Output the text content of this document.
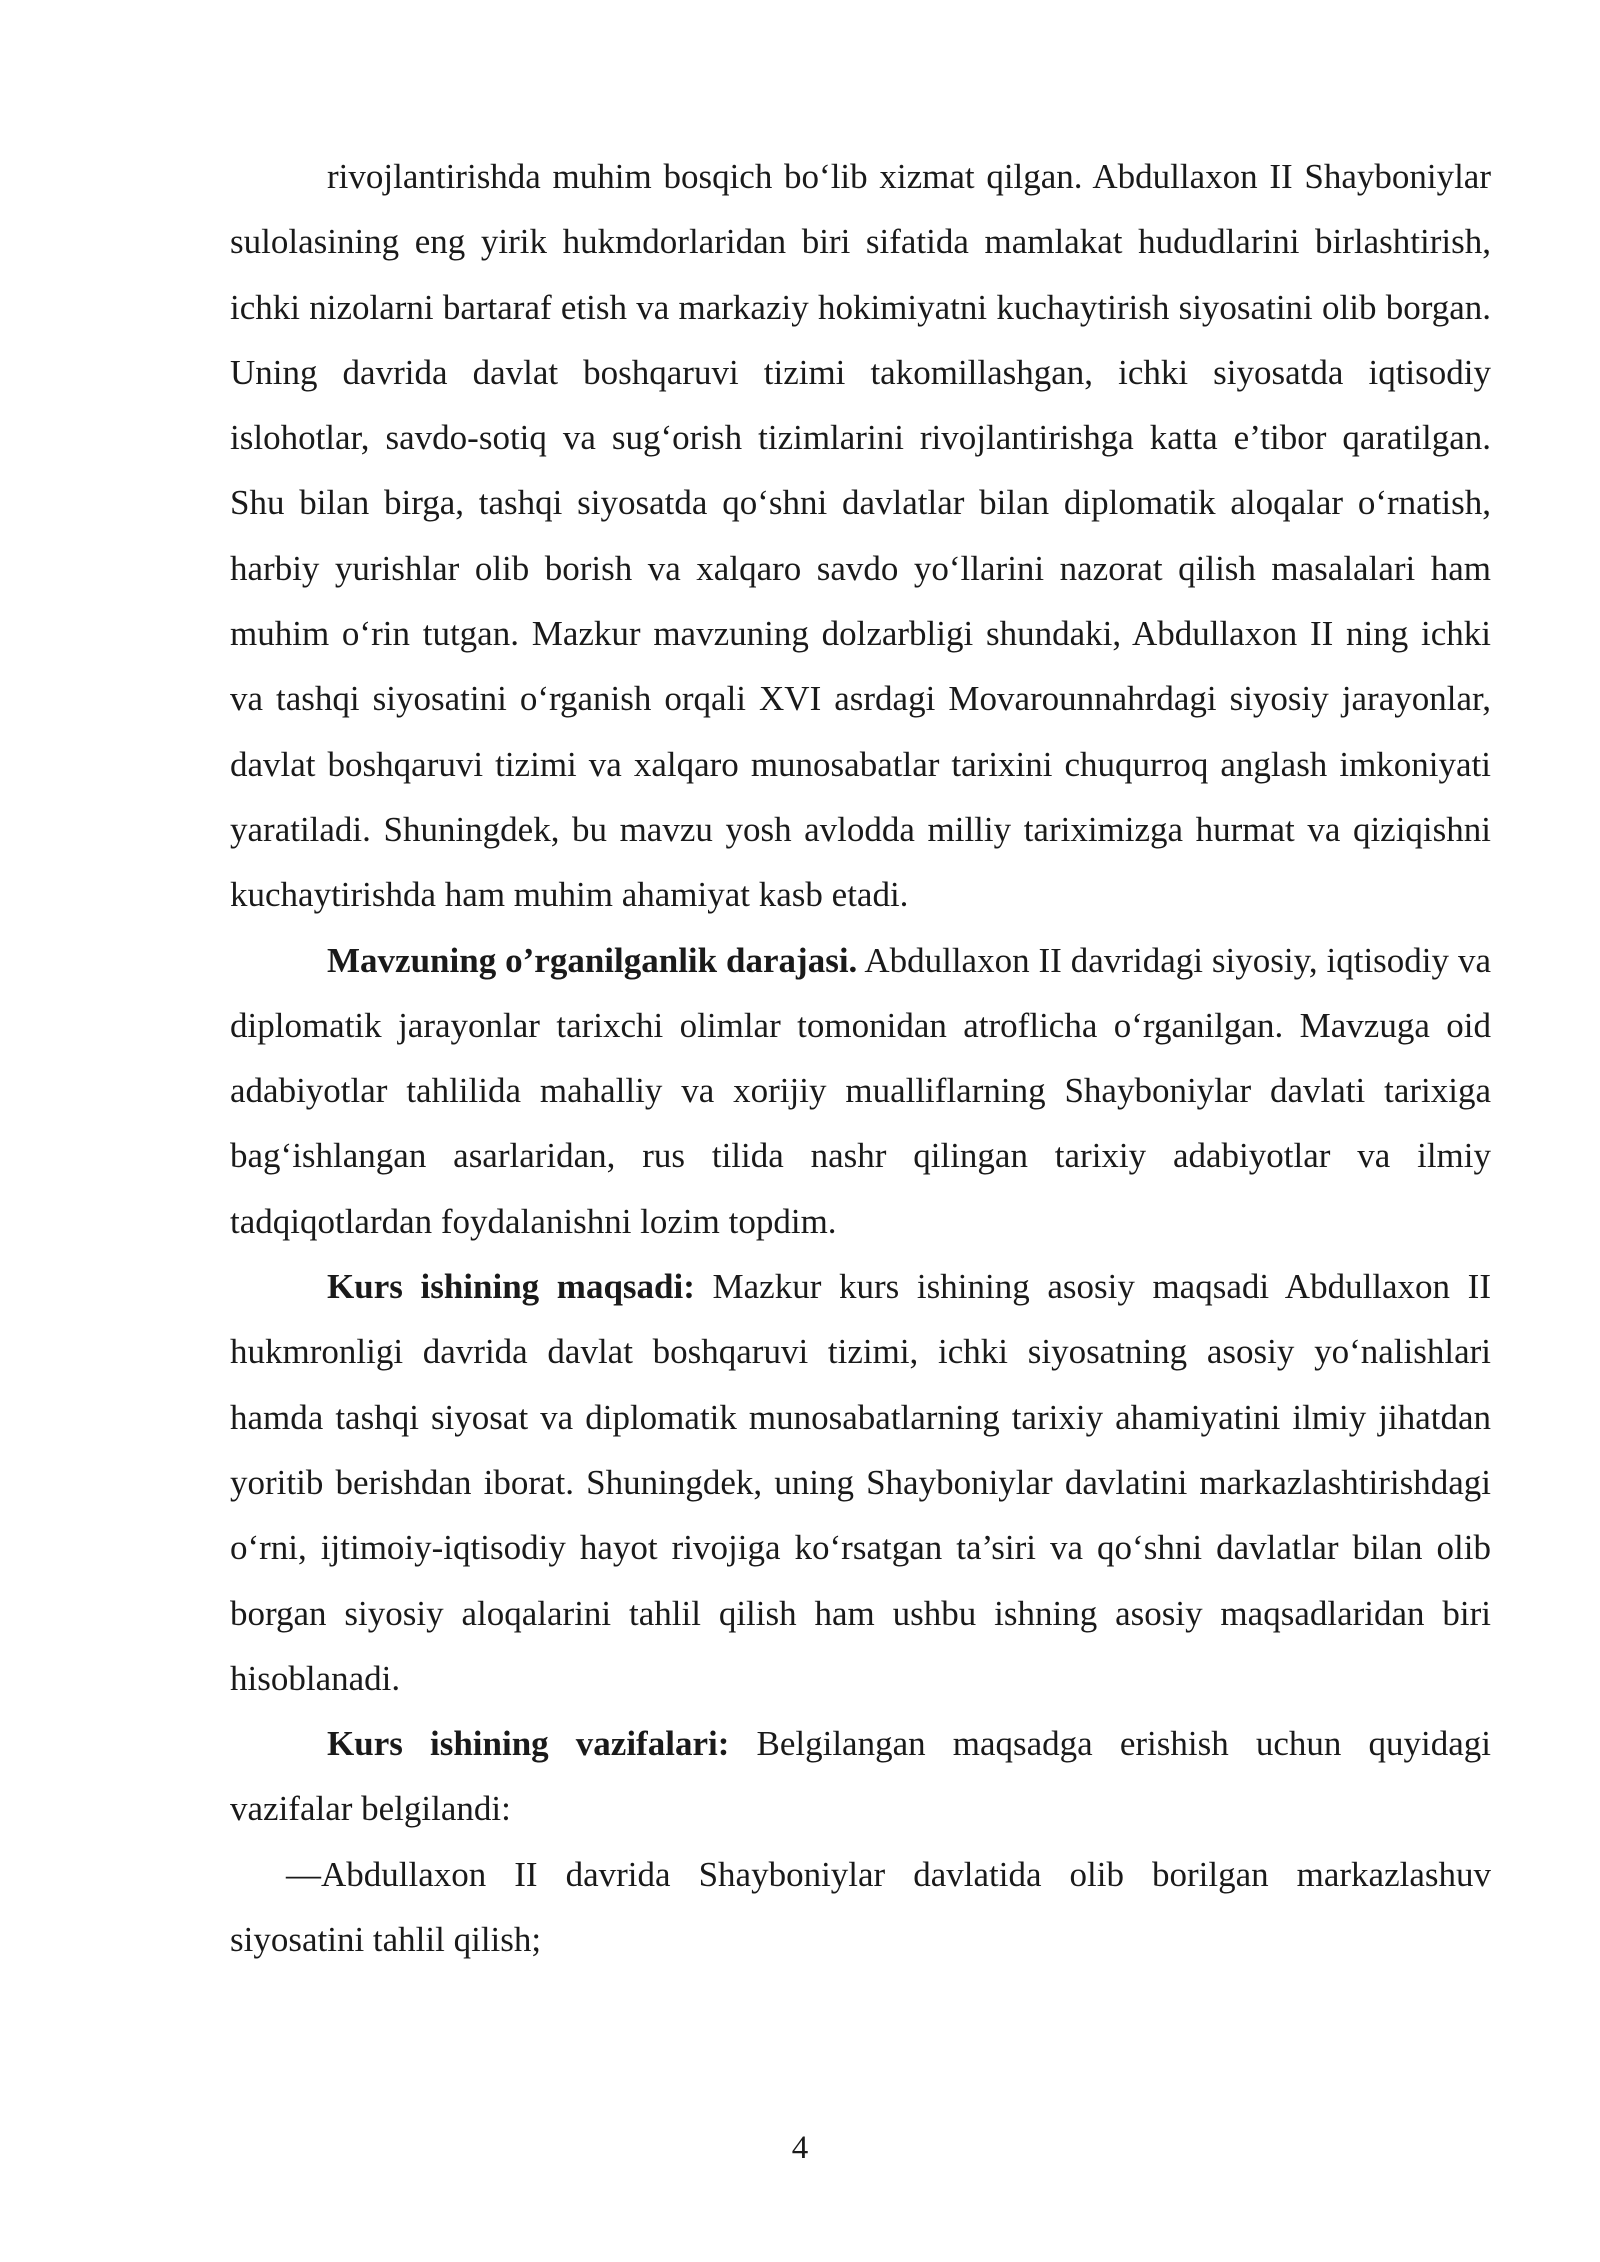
rivojlantirishda muhim bosqich bo‘lib xizmat qilgan. Abdullaxon II Shayboniylar sulolasining eng yirik hukmdorlaridan biri sifatida mamlakat hududlarini birlashtirish, ichki nizolarni bartaraf etish va markaziy hokimiyatni kuchaytirish siyosatini olib borgan. Uning davrida davlat boshqaruvi tizimi takomillashgan, ichki siyosatda iqtisodiy islohotlar, savdo-sotiq va sug‘orish tizimlarini rivojlantirishga katta e’tibor qaratilgan. Shu bilan birga, tashqi siyosatda qo‘shni davlatlar bilan diplomatik aloqalar o‘rnatish, harbiy yurishlar olib borish va xalqaro savdo yo‘llarini nazorat qilish masalalari ham muhim o‘rin tutgan. Mazkur mavzuning dolzarbligi shundaki, Abdullaxon II ning ichki va tashqi siyosatini o‘rganish orqali XVI asrdagi Movarounnahrdagi siyosiy jarayonlar, davlat boshqaruvi tizimi va xalqaro munosabatlar tarixini chuqurroq anglash imkoniyati yaratiladi. Shuningdek, bu mavzu yosh avlodda milliy tariximizga hurmat va qiziqishni kuchaytirishda ham muhim ahamiyat kasb etadi.

Mavzuning o’rganilganlik darajasi. Abdullaxon II davridagi siyosiy, iqtisodiy va diplomatik jarayonlar tarixchi olimlar tomonidan atroflicha o‘rganilgan. Mavzuga oid adabiyotlar tahlilida mahalliy va xorijiy mualliflarning Shayboniylar davlati tarixiga bag‘ishlangan asarlaridan, rus tilida nashr qilingan tarixiy adabiyotlar va ilmiy tadqiqotlardan foydalanishni lozim topdim.

Kurs ishining maqsadi: Mazkur kurs ishining asosiy maqsadi Abdullaxon II hukmronligi davrida davlat boshqaruvi tizimi, ichki siyosatning asosiy yo‘nalishlari hamda tashqi siyosat va diplomatik munosabatlarning tarixiy ahamiyatini ilmiy jihatdan yoritib berishdan iborat. Shuningdek, uning Shayboniylar davlatini markazlashtirishdagi o‘rni, ijtimoiy-iqtisodiy hayot rivojiga ko‘rsatgan ta’siri va qo‘shni davlatlar bilan olib borgan siyosiy aloqalarini tahlil qilish ham ushbu ishning asosiy maqsadlaridan biri hisoblanadi.

Kurs ishining vazifalari: Belgilangan maqsadga erishish uchun quyidagi vazifalar belgilandi:

—Abdullaxon II davrida Shayboniylar davlatida olib borilgan markazlashuv siyosatini tahlil qilish;

4
